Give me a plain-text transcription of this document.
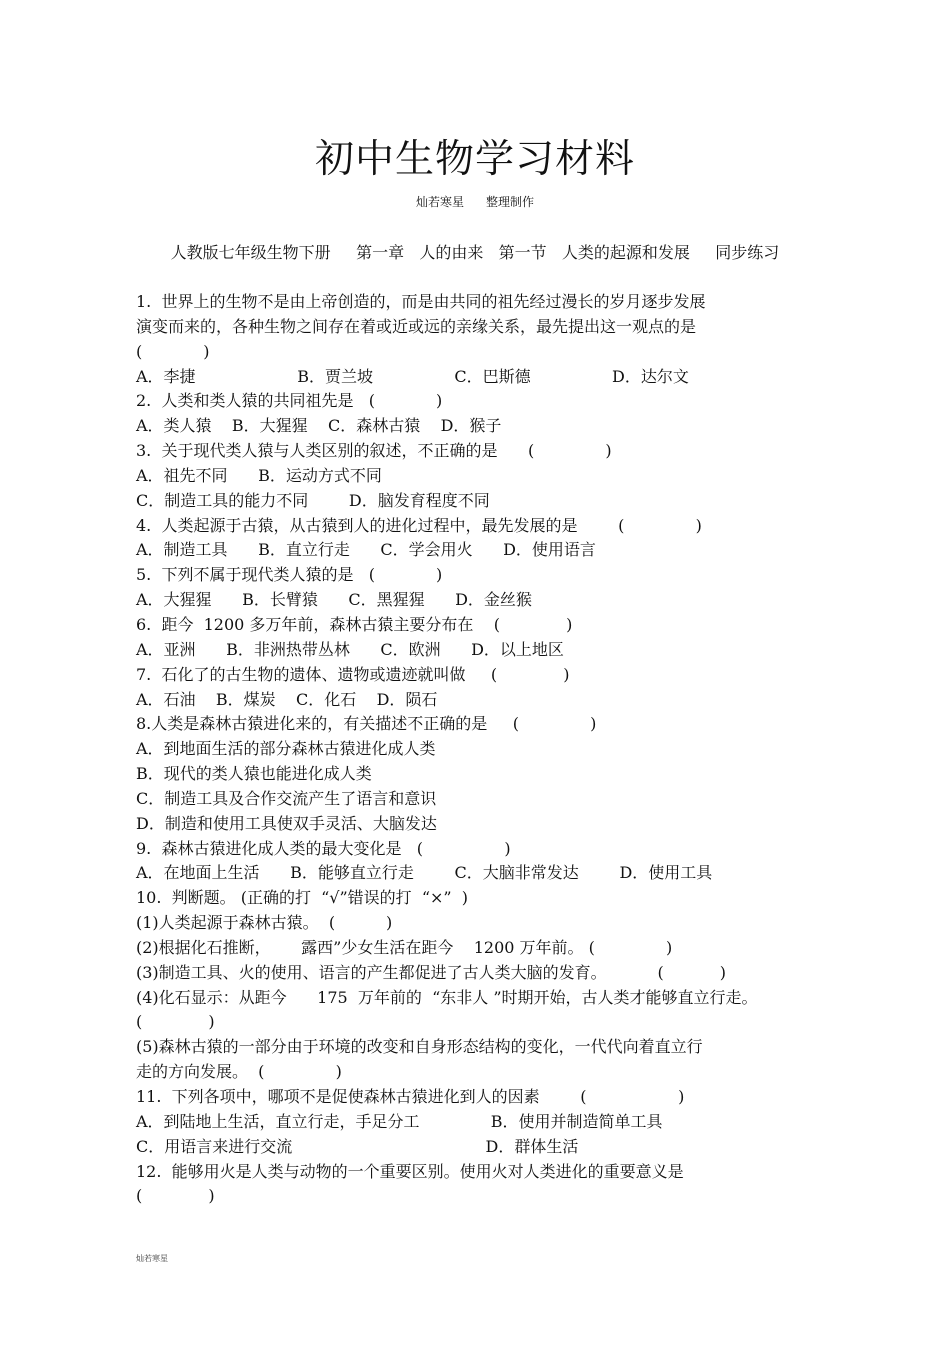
初中生物学习材料
灿若寒星 整理制作
人教版七年级生物下册     第一章   人的由来   第一节   人类的起源和发展     同步练习
1.  世界上的生物不是由上帝创造的，而是由共同的祖先经过漫长的岁月逐步发展
演变而来的，各种生物之间存在着或近或远的亲缘关系，最先提出这一观点的是
(            )
A．李捷                    B．贾兰坡                C．巴斯德                D．达尔文
2.  人类和类人猿的共同祖先是   (            )
A．类人猿    B．大猩猩    C．森林古猿    D．猴子
3.  关于现代类人猿与人类区别的叙述，不正确的是      (              )
A．祖先不同      B．运动方式不同
C．制造工具的能力不同        D．脑发育程度不同
4.  人类起源于古猿，从古猿到人的进化过程中，最先发展的是        (              )
A．制造工具      B．直立行走      C．学会用火      D．使用语言
5.  下列不属于现代类人猿的是   (            )
A．大猩猩      B．长臂猿      C．黑猩猩      D．金丝猴
6.  距今  1200 多万年前，森林古猿主要分布在    (             )
A．亚洲      B．非洲热带丛林      C．欧洲      D．以上地区
7.  石化了的古生物的遗体、遗物或遗迹就叫做     (             )
A．石油    B．煤炭    C．化石    D．陨石
8.人类是森林古猿进化来的，有关描述不正确的是     (              )
A．到地面生活的部分森林古猿进化成人类
B．现代的类人猿也能进化成人类
C．制造工具及合作交流产生了语言和意识
D．制造和使用工具使双手灵活、大脑发达
9.  森林古猿进化成人类的最大变化是   (                )
A．在地面上生活      B．能够直立行走        C．大脑非常发达        D．使用工具
10.  判断题。 (正确的打  “√”错误的打  “×”  )
(1)人类起源于森林古猿。  (          )
(2)根据化石推断，      露西”少女生活在距今    1200 万年前。 (              )
(3)制造工具、火的使用、语言的产生都促进了古人类大脑的发育。          (           )
(4)化石显示：从距今      175  万年前的  “东非人 ”时期开始，古人类才能够直立行走。
(             )
(5)森林古猿的一部分由于环境的改变和自身形态结构的变化，一代代向着直立行
走的方向发展。  (              )
11.  下列各项中，哪项不是促使森林古猿进化到人的因素        (                  )
A．到陆地上生活，直立行走，手足分工              B．使用并制造简单工具
C．用语言来进行交流                                      D．群体生活
12.  能够用火是人类与动物的一个重要区别。使用火对人类进化的重要意义是
(             )
灿若寒星
